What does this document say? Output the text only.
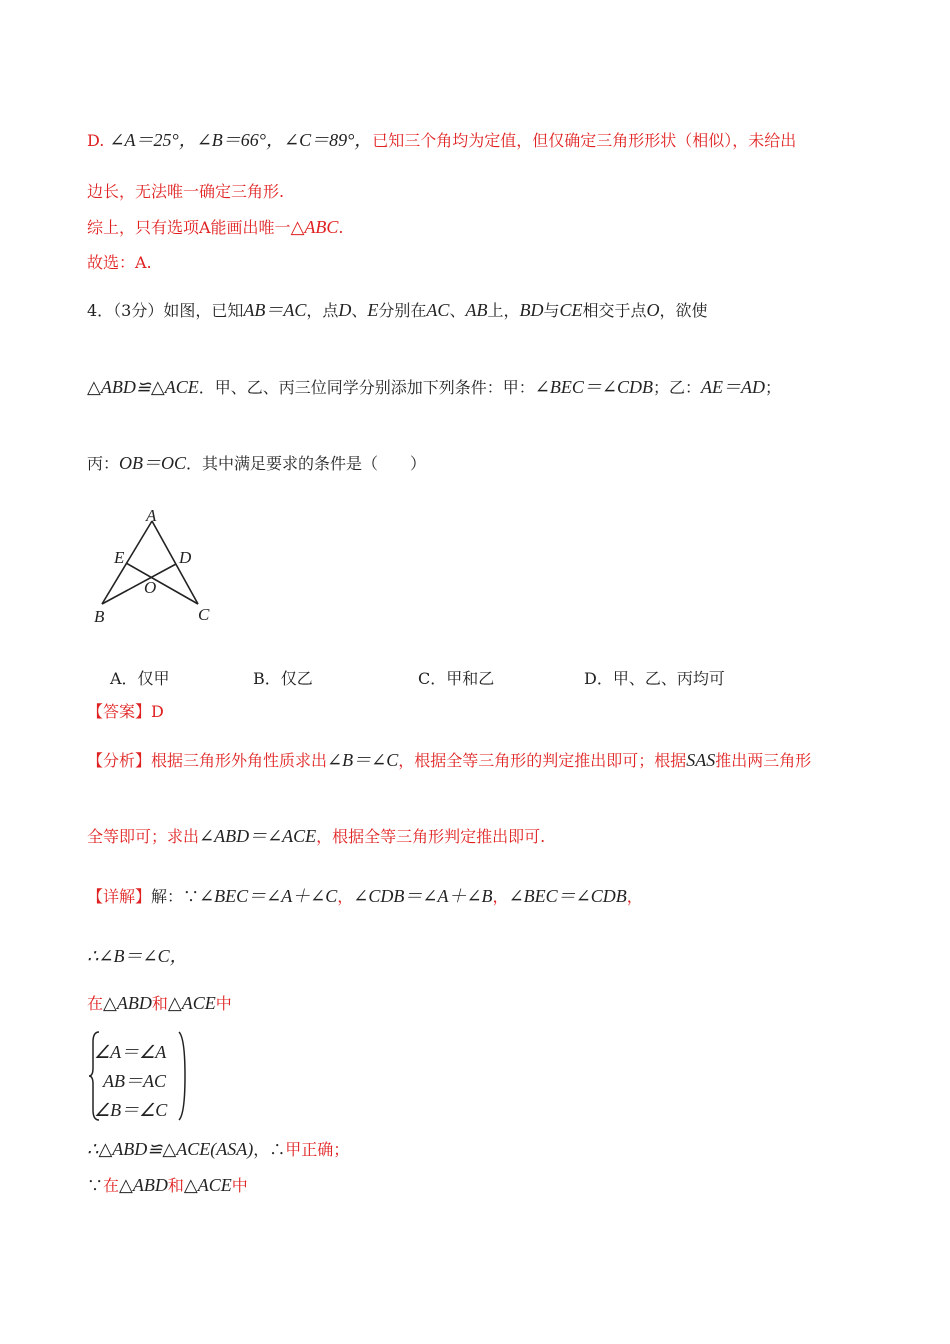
D. ∠A＝25°，∠B＝66°，∠C＝89°，已知三个角均为定值，但仅确定三角形形状（相似），未给出
边长，无法唯一确定三角形.
综上，只有选项A能画出唯一△ABC.
故选：A.
4．（3分）如图，已知AB＝AC，点D、E分别在AC、AB上，BD与CE相交于点O，欲使
△ABD≌△ACE．甲、乙、丙三位同学分别添加下列条件：甲：∠BEC＝∠CDB；乙：AE＝AD；
丙：OB＝OC．其中满足要求的条件是（　　）
A
E	D
O
B	C
A．仅甲	B．仅乙	C．甲和乙	D．甲、乙、丙均可
【答案】D
【分析】根据三角形外角性质求出∠B＝∠C，根据全等三角形的判定推出即可；根据SAS推出两三角形
全等即可；求出∠ABD＝∠ACE，根据全等三角形判定推出即可.
【详解】解：∵∠BEC＝∠A＋∠C，∠CDB＝∠A＋∠B，∠BEC＝∠CDB，
∴∠B＝∠C，
在△ABD和△ACE中
∠A＝∠A
AB＝AC
∠B＝∠C
∴△ABD≌△ACE(ASA)，∴甲正确；
∵在△ABD和△ACE中
